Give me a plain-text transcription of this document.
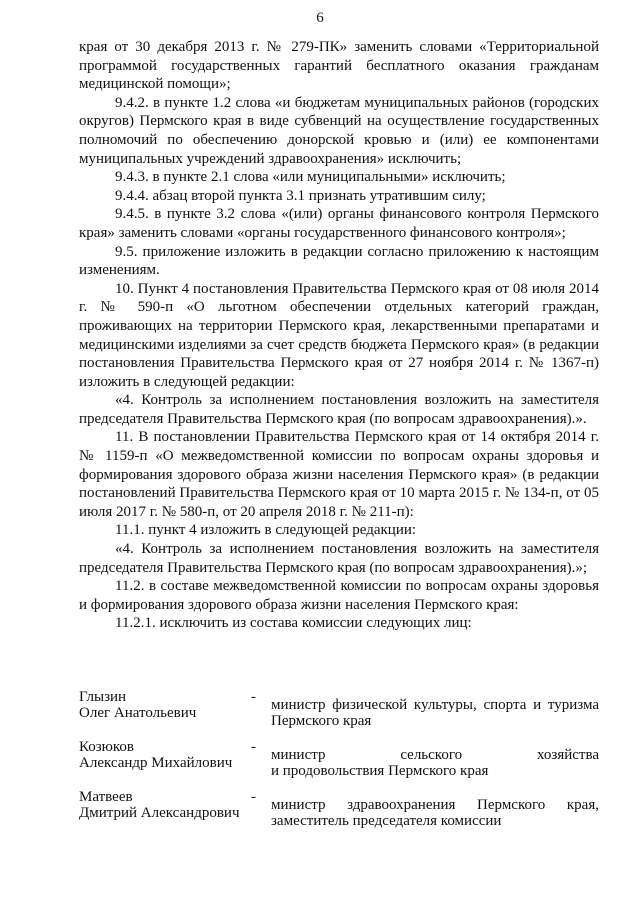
6

края от 30 декабря 2013 г. № 279-ПК» заменить словами «Территориальной программой государственных гарантий бесплатного оказания гражданам медицинской помощи»;

9.4.2. в пункте 1.2 слова «и бюджетам муниципальных районов (городских округов) Пермского края в виде субвенций на осуществление государственных полномочий по обеспечению донорской кровью и (или) ее компонентами муниципальных учреждений здравоохранения» исключить;

9.4.3. в пункте 2.1 слова «или муниципальными» исключить;

9.4.4. абзац второй пункта 3.1 признать утратившим силу;

9.4.5. в пункте 3.2 слова «(или) органы финансового контроля Пермского края» заменить словами «органы государственного финансового контроля»;

9.5. приложение изложить в редакции согласно приложению к настоящим изменениям.

10. Пункт 4 постановления Правительства Пермского края от 08 июля 2014 г. № 590-п «О льготном обеспечении отдельных категорий граждан, проживающих на территории Пермского края, лекарственными препаратами и медицинскими изделиями за счет средств бюджета Пермского края» (в редакции постановления Правительства Пермского края от 27 ноября 2014 г. № 1367-п) изложить в следующей редакции:

«4. Контроль за исполнением постановления возложить на заместителя председателя Правительства Пермского края (по вопросам здравоохранения).».

11. В постановлении Правительства Пермского края от 14 октября 2014 г. № 1159-п «О межведомственной комиссии по вопросам охраны здоровья и формирования здорового образа жизни населения Пермского края» (в редакции постановлений Правительства Пермского края от 10 марта 2015 г. № 134-п, от 05 июля 2017 г. № 580-п, от 20 апреля 2018 г. № 211-п):

11.1. пункт 4 изложить в следующей редакции:

«4. Контроль за исполнением постановления возложить на заместителя председателя Правительства Пермского края (по вопросам здравоохранения).»;

11.2. в составе межведомственной комиссии по вопросам охраны здоровья и формирования здорового образа жизни населения Пермского края:

11.2.1. исключить из состава комиссии следующих лиц:

Глызин
Олег Анатольевич
-	министр физической культуры, спорта и туризма
Пермского края
Козюков
Александр Михайлович
-	министр сельского хозяйства
и продовольствия Пермского края
Матвеев
Дмитрий Александрович
-	министр здравоохранения Пермского края,
заместитель председателя комиссии
